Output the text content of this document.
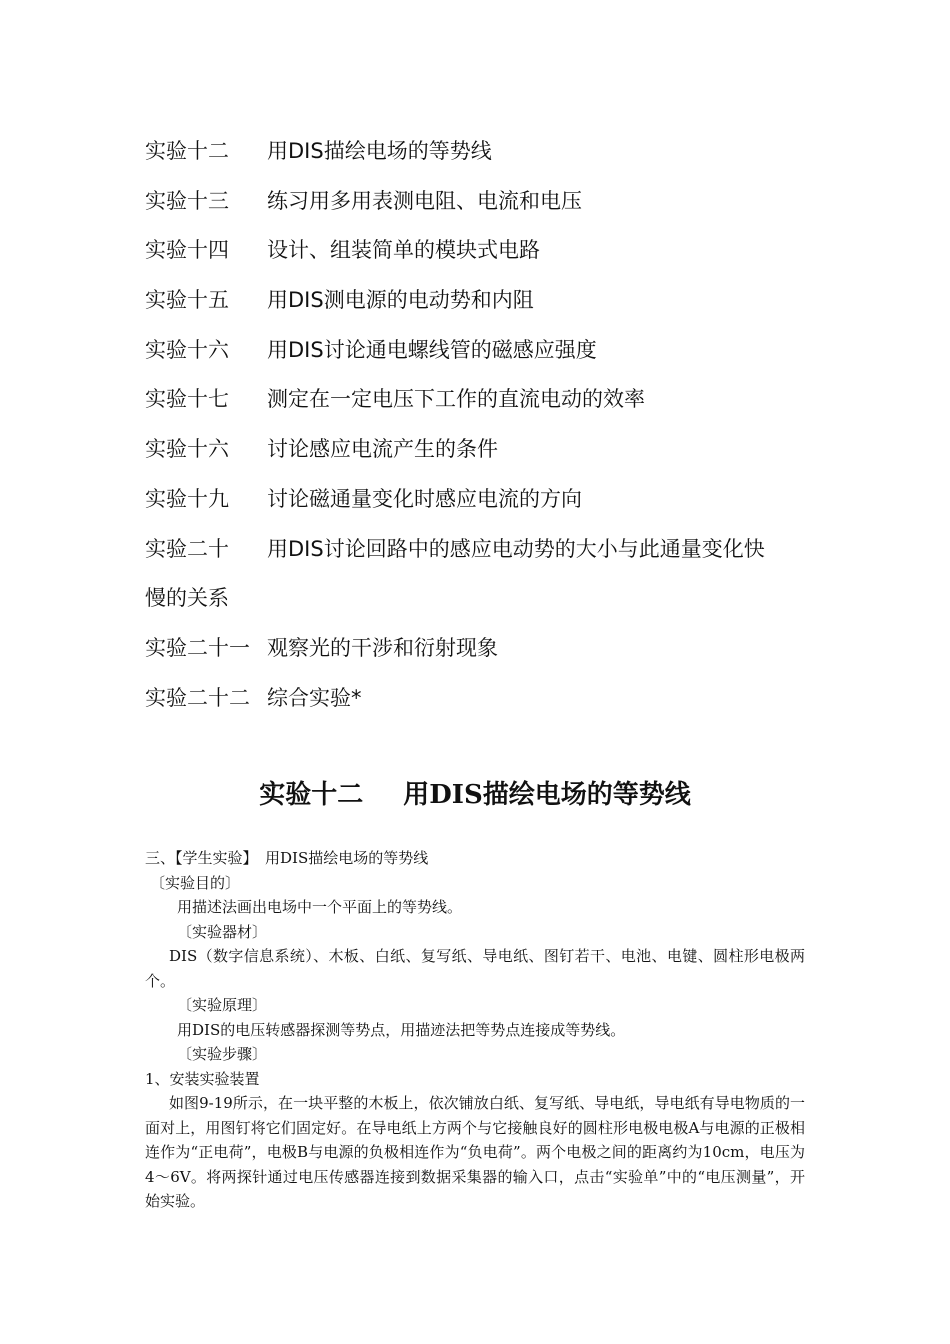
实验十二 用DIS描绘电场的等势线
实验十三 练习用多用表测电阻、电流和电压
实验十四 设计、组装简单的模块式电路
实验十五 用DIS测电源的电动势和内阻
实验十六 用DIS讨论通电螺线管的磁感应强度
实验十七 测定在一定电压下工作的直流电动的效率
实验十六 讨论感应电流产生的条件
实验十九 讨论磁通量变化时感应电流的方向
实验二十 用DIS讨论回路中的感应电动势的大小与此通量变化快
慢的关系
实验二十一 观察光的干涉和衍射现象
实验二十二 综合实验*
实验十二 用DIS描绘电场的等势线

三、【学生实验】　用DIS描绘电场的等势线

〔实验目的〕

用描述法画出电场中一个平面上的等势线。

〔实验器材〕

DIS（数字信息系统）、木板、白纸、复写纸、导电纸、图钉若干、电池、电键、圆柱形电极两个。

〔实验原理〕

用DIS的电压转感器探测等势点，用描迹法把等势点连接成等势线。

〔实验步骤〕

1、安装实验装置

如图9-19所示，在一块平整的木板上，依次铺放白纸、复写纸、导电纸，导电纸有导电物质的一面对上，用图钉将它们固定好。在导电纸上方两个与它接触良好的圆柱形电极电极A与电源的正极相连作为“正电荷”，电极B与电源的负极相连作为“负电荷”。两个电极之间的距离约为10cm，电压为4～6V。将两探针通过电压传感器连接到数据采集器的输入口，点击“实验单”中的“电压测量”，开始实验。
